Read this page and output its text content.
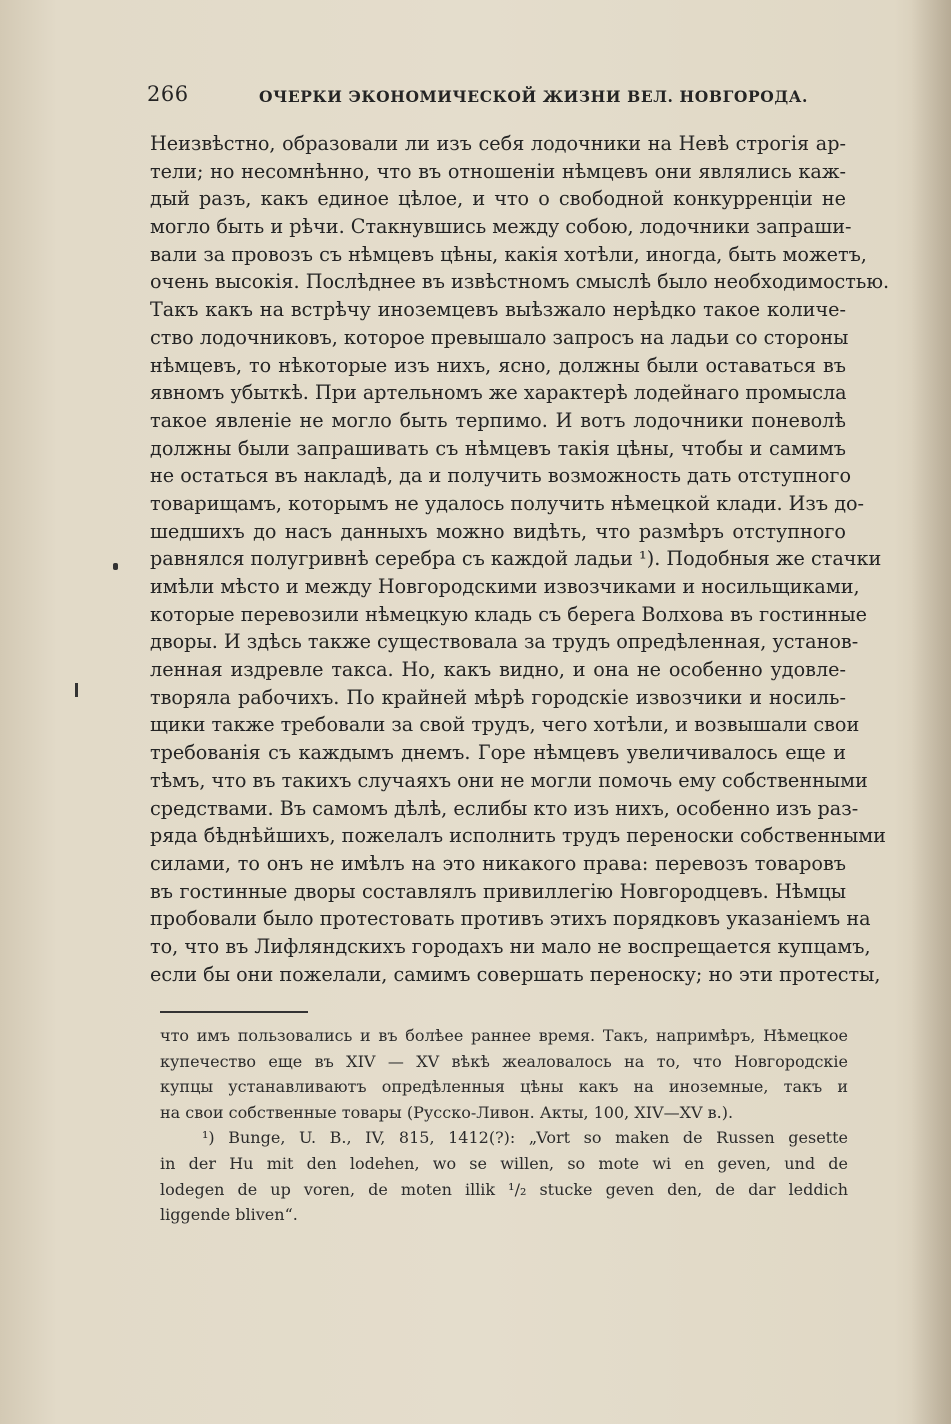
266	ОЧЕРКИ ЭКОНОМИЧЕСКОЙ ЖИЗНИ ВЕЛ. НОВГОРОДА.
Неизвѣстно, образовали ли изъ себя лодочники на Невѣ строгія ар-
тели; но несомнѣнно, что въ отношеніи нѣмцевъ они являлись каж-
дый разъ, какъ единое цѣлое, и что о свободной конкурренціи не
могло быть и рѣчи. Стакнувшись между собою, лодочники запраши-
вали за провозъ съ нѣмцевъ цѣны, какія хотѣли, иногда, быть можетъ,
очень высокія. Послѣднее въ извѣстномъ смыслѣ было необходимостью.
Такъ какъ на встрѣчу иноземцевъ выѣзжало нерѣдко такое количе-
ство лодочниковъ, которое превышало запросъ на ладьи со стороны
нѣмцевъ, то нѣкоторые изъ нихъ, ясно, должны были оставаться въ
явномъ убыткѣ. При артельномъ же характерѣ лодейнаго промысла
такое явленіе не могло быть терпимо. И вотъ лодочники поневолѣ
должны были запрашивать съ нѣмцевъ такія цѣны, чтобы и самимъ
не остаться въ накладѣ, да и получить возможность дать отступного
товарищамъ, которымъ не удалось получить нѣмецкой клади. Изъ до-
шедшихъ до насъ данныхъ можно видѣть, что размѣръ отступного
равнялся полугривнѣ серебра съ каждой ладьи ¹). Подобныя же стачки
имѣли мѣсто и между Новгородскими извозчиками и носильщиками,
которые перевозили нѣмецкую кладь съ берега Волхова въ гостинные
дворы. И здѣсь также существовала за трудъ опредѣленная, установ-
ленная издревле такса. Но, какъ видно, и она не особенно удовле-
творяла рабочихъ. По крайней мѣрѣ городскіе извозчики и носиль-
щики также требовали за свой трудъ, чего хотѣли, и возвышали свои
требованія съ каждымъ днемъ. Горе нѣмцевъ увеличивалось еще и
тѣмъ, что въ такихъ случаяхъ они не могли помочь ему собственными
средствами. Въ самомъ дѣлѣ, еслибы кто изъ нихъ, особенно изъ раз-
ряда бѣднѣйшихъ, пожелалъ исполнить трудъ переноски собственными
силами, то онъ не имѣлъ на это никакого права: перевозъ товаровъ
въ гостинные дворы составлялъ привиллегію Новгородцевъ. Нѣмцы
пробовали было протестовать противъ этихъ порядковъ указаніемъ на
то, что въ Лифляндскихъ городахъ ни мало не воспрещается купцамъ,
если бы они пожелали, самимъ совершать переноску; но эти протесты,
что имъ пользовались и въ болѣее раннее время. Такъ, напримѣръ, Нѣмецкое
купечество еще въ XIV — XV вѣкѣ жеаловалось на то, что Новгородскіе
купцы устанавливаютъ опредѣленныя цѣны какъ на иноземные, такъ и
на свои собственные товары (Русско-Ливон. Акты, 100, XIV—XV в.).
¹) Bunge, U. B., IV, 815, 1412(?): „Vort so maken de Russen gesette
in der Hu mit den lodehen, wo se willen, so mote wi en geven, und de
lodegen de up voren, de moten illik ¹/₂ stucke geven den, de dar leddich
liggende bliven“.
